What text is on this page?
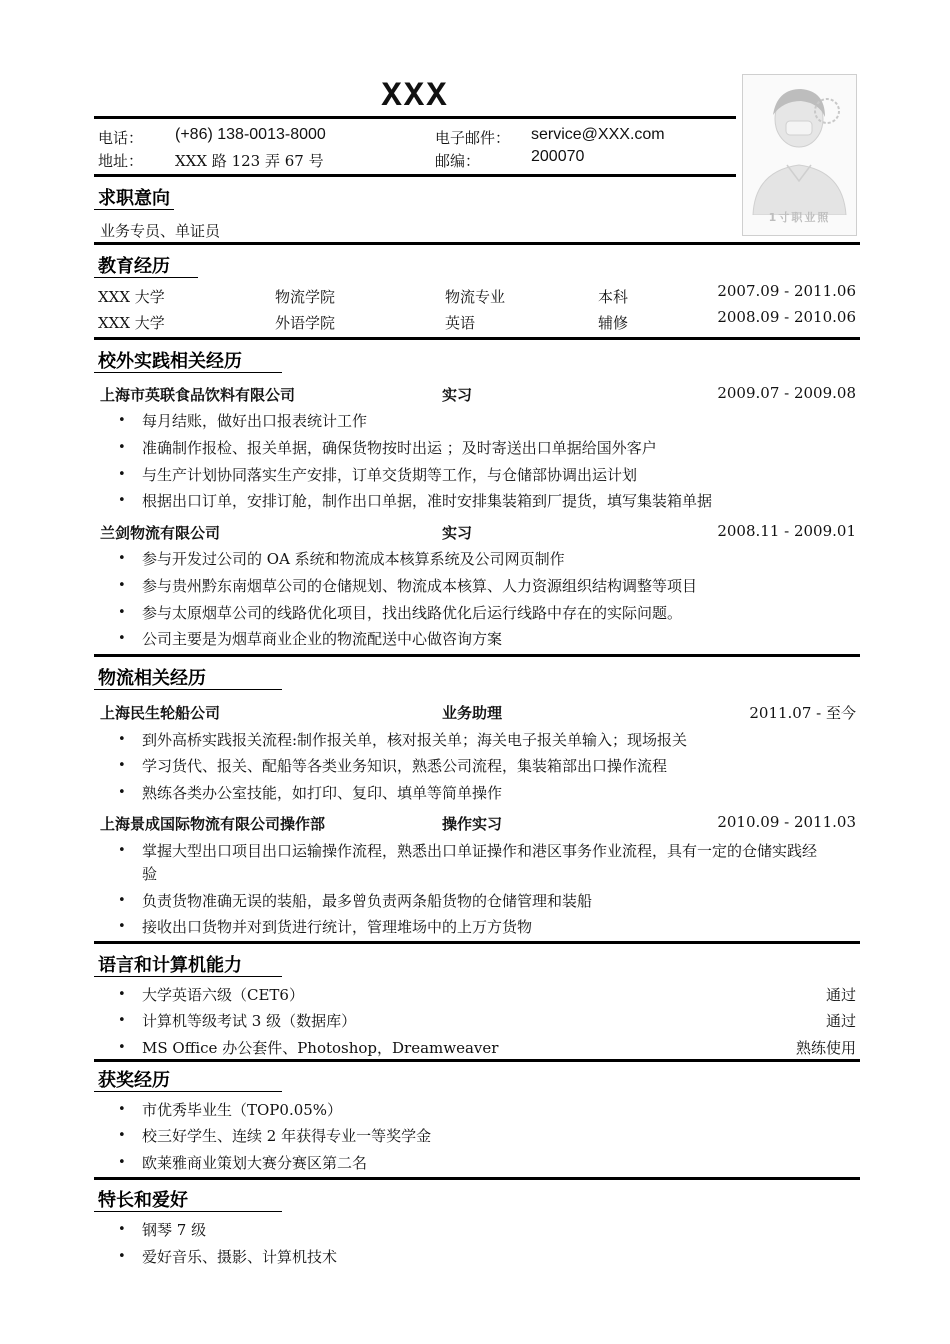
XXX
电话： (+86) 138-0013-8000	电子邮件： service@XXX.com
地址： XXX 路 123 弄 67 号	邮编：	200070
1寸职业照
求职意向
业务专员、单证员
教育经历
XXX 大学	物流学院	物流专业	本科	2007.09 - 2011.06
XXX 大学	外语学院	英语	辅修	2008.09 - 2010.06
校外实践相关经历
上海市英联食品饮料有限公司	实习	2009.07 - 2009.08
• 每月结账，做好出口报表统计工作
• 准确制作报检、报关单据，确保货物按时出运 ；及时寄送出口单据给国外客户
• 与生产计划协同落实生产安排，订单交货期等工作，与仓储部协调出运计划
• 根据出口订单，安排订舱，制作出口单据，准时安排集装箱到厂提货，填写集装箱单据
兰剑物流有限公司	实习	2008.11 - 2009.01
• 参与开发过公司的 OA 系统和物流成本核算系统及公司网页制作
• 参与贵州黔东南烟草公司的仓储规划、物流成本核算、人力资源组织结构调整等项目
• 参与太原烟草公司的线路优化项目，找出线路优化后运行线路中存在的实际问题。
• 公司主要是为烟草商业企业的物流配送中心做咨询方案
物流相关经历
上海民生轮船公司	业务助理	2011.07 - 至今
• 到外高桥实践报关流程:制作报关单，核对报关单；海关电子报关单输入；现场报关
• 学习货代、报关、配船等各类业务知识，熟悉公司流程，集装箱部出口操作流程
• 熟练各类办公室技能，如打印、复印、填单等简单操作
上海景成国际物流有限公司操作部	操作实习	2010.09 - 2011.03
• 掌握大型出口项目出口运输操作流程，熟悉出口单证操作和港区事务作业流程，具有一定的仓储实践经
验
• 负责货物准确无误的装船，最多曾负责两条船货物的仓储管理和装船
• 接收出口货物并对到货进行统计，管理堆场中的上万方货物
语言和计算机能力
• 大学英语六级（CET6）	通过
• 计算机等级考试 3 级（数据库）	通过
• MS Office 办公套件、Photoshop，Dreamweaver	熟练使用
获奖经历
• 市优秀毕业生（TOP0.05%）
• 校三好学生、连续 2 年获得专业一等奖学金
• 欧莱雅商业策划大赛分赛区第二名
特长和爱好
• 钢琴 7 级
• 爱好音乐、摄影、计算机技术
